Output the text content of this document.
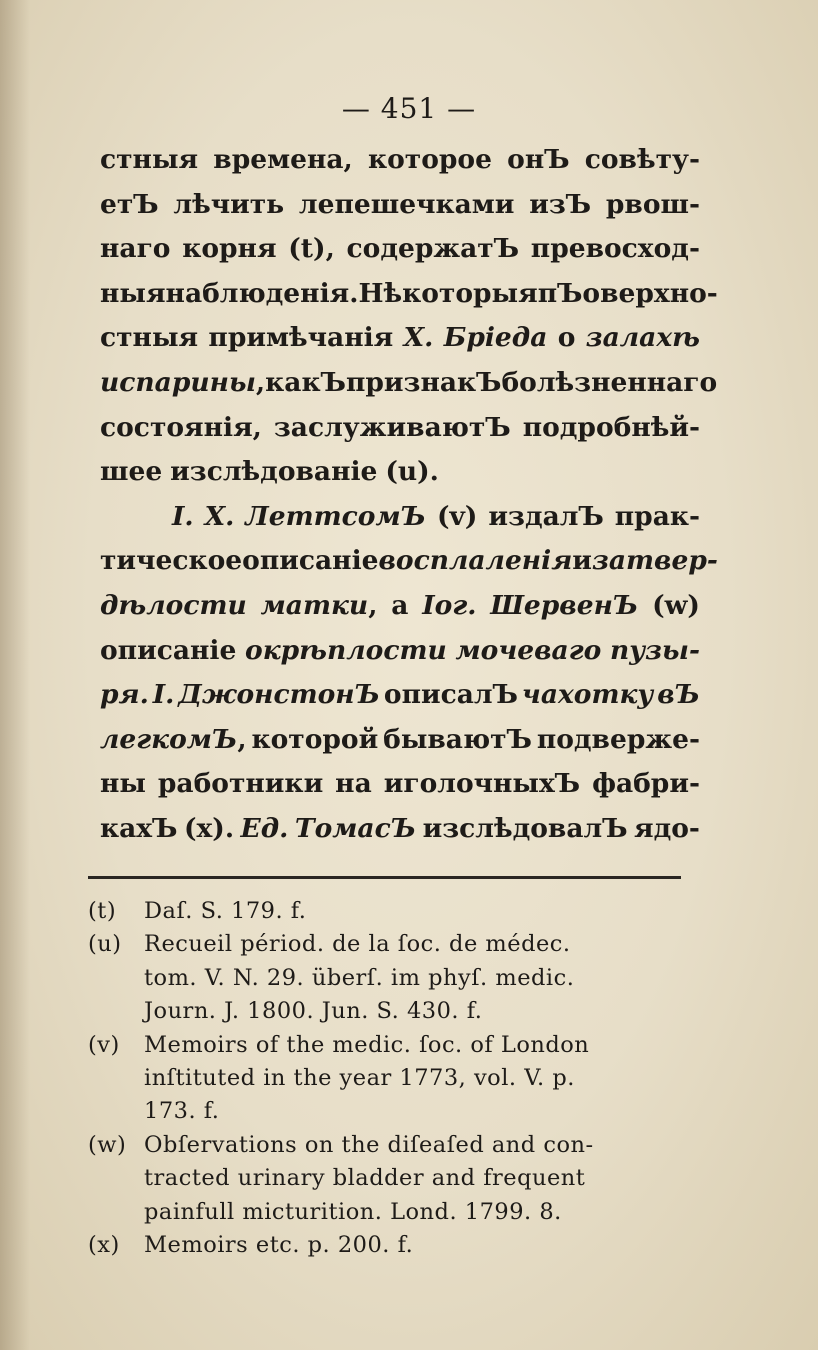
— 451 —
стныя времена, которое онЪ совѣту-
етЪ лѣчить лепешечками изЪ рвош-
наго корня (t), содержатЪ превосход-
ныя наблюденія. НѣкоторыяпЪоверхно-
стныя примѣчанія Х. Бріеда о залахѣ
испарины, какЪ признакЪ болѣзненнаго
состоянія, заслуживаютЪ подробнѣй-
шее изслѣдованіе (u).
І. Х. ЛеттсомЪ (v) издалЪ прак-
тическое описаніе восплаленія и затвер-
дѣлости матки, а Іог. ШервенЪ (w)
описаніе окрѣплости мочеваго пузы-
ря. І. ДжонстонЪ описалЪ чахотку вЪ
легкомЪ, которой бываютЪ подверже-
ны работники на иголочныхЪ фабри-
кахЪ (x). Ед. ТомасЪ изслѣдовалЪ ядо-
(t) Daſ. S. 179. f.
(u) Recueil périod. de la ſoc. de médec.
tom. V. N. 29. überſ. im phyſ. medic.
Journ. J. 1800. Jun. S. 430. f.
(v) Memoirs of the medic. ſoc. of London
inſtituted in the year 1773, vol. V. p.
173. f.
(w) Obſervations on the diſeaſed and con-
tracted urinary bladder and frequent
painfull micturition. Lond. 1799. 8.
(x) Memoirs etc. p. 200. f.
